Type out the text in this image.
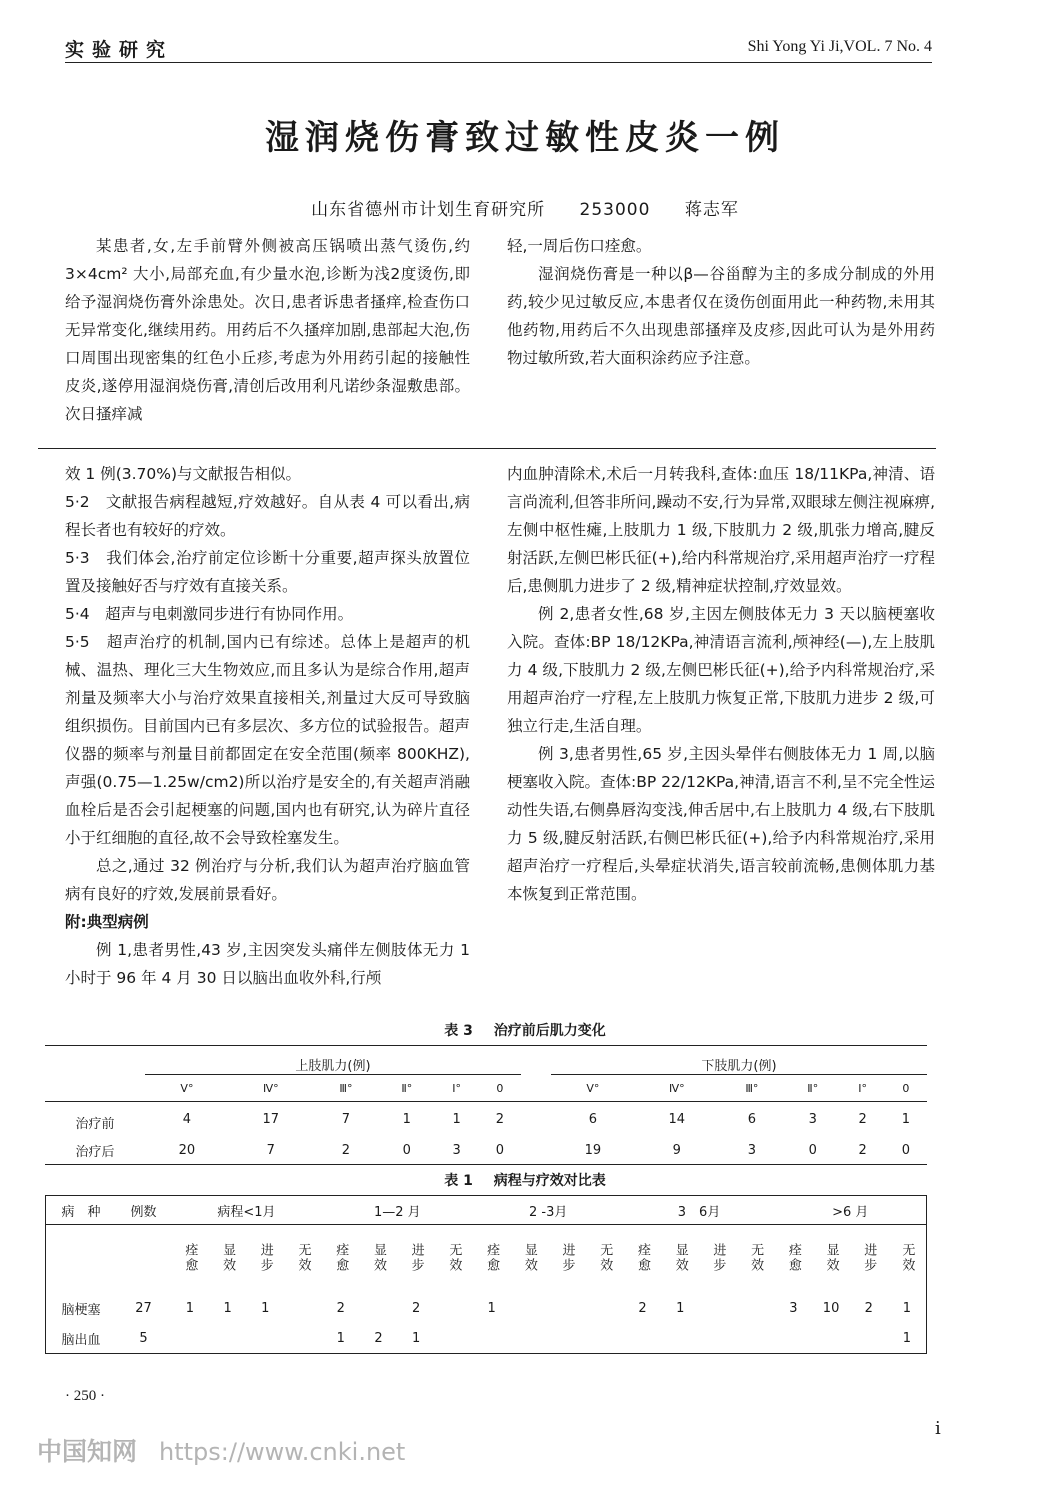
实验研究	Shi Yong Yi Ji,VOL. 7 No. 4
湿润烧伤膏致过敏性皮炎一例
山东省德州市计划生育研究所 253000 蒋志军

某患者,女,左手前臂外侧被高压锅喷出蒸气烫伤,约 3×4cm² 大小,局部充血,有少量水泡,诊断为浅2度烫伤,即给予湿润烧伤膏外涂患处。次日,患者诉患者搔痒,检查伤口无异常变化,继续用药。用药后不久搔痒加剧,患部起大泡,伤口周围出现密集的红色小丘疹,考虑为外用药引起的接触性皮炎,遂停用湿润烧伤膏,清创后改用利凡诺纱条湿敷患部。次日搔痒减

轻,一周后伤口痊愈。

湿润烧伤膏是一种以β—谷甾醇为主的多成分制成的外用药,较少见过敏反应,本患者仅在烫伤创面用此一种药物,未用其他药物,用药后不久出现患部搔痒及皮疹,因此可认为是外用药物过敏所致,若大面积涂药应予注意。

效 1 例(3.70%)与文献报告相似。

5·2　文献报告病程越短,疗效越好。自从表 4 可以看出,病程长者也有较好的疗效。

5·3　我们体会,治疗前定位诊断十分重要,超声探头放置位置及接触好否与疗效有直接关系。

5·4　超声与电刺激同步进行有协同作用。

5·5　超声治疗的机制,国内已有综述。总体上是超声的机械、温热、理化三大生物效应,而且多认为是综合作用,超声剂量及频率大小与治疗效果直接相关,剂量过大反可导致脑组织损伤。目前国内已有多层次、多方位的试验报告。超声仪器的频率与剂量目前都固定在安全范围(频率 800KHZ),声强(0.75—1.25w/cm2)所以治疗是安全的,有关超声消融血栓后是否会引起梗塞的问题,国内也有研究,认为碎片直径小于红细胞的直径,故不会导致栓塞发生。

总之,通过 32 例治疗与分析,我们认为超声治疗脑血管病有良好的疗效,发展前景看好。

附:典型病例

例 1,患者男性,43 岁,主因突发头痛伴左侧肢体无力 1 小时于 96 年 4 月 30 日以脑出血收外科,行颅

内血肿清除术,术后一月转我科,查体:血压 18/11KPa,神清、语言尚流利,但答非所问,躁动不安,行为异常,双眼球左侧注视麻痹,左侧中枢性瘫,上肢肌力 1 级,下肢肌力 2 级,肌张力增高,腱反射活跃,左侧巴彬氏征(+),给内科常规治疗,采用超声治疗一疗程后,患侧肌力进步了 2 级,精神症状控制,疗效显效。

例 2,患者女性,68 岁,主因左侧肢体无力 3 天以脑梗塞收入院。查体:BP 18/12KPa,神清语言流利,颅神经(—),左上肢肌力 4 级,下肢肌力 2 级,左侧巴彬氏征(+),给予内科常规治疗,采用超声治疗一疗程,左上肢肌力恢复正常,下肢肌力进步 2 级,可独立行走,生活自理。

例 3,患者男性,65 岁,主因头晕伴右侧肢体无力 1 周,以脑梗塞收入院。查体:BP 22/12KPa,神清,语言不利,呈不完全性运动性失语,右侧鼻唇沟变浅,伸舌居中,右上肢肌力 4 级,右下肢肌力 5 级,腱反射活跃,右侧巴彬氏征(+),给予内科常规治疗,采用超声治疗一疗程后,头晕症状消失,语言较前流畅,患侧体肌力基本恢复到正常范围。

表 3 治疗前后肌力变化
	上肢肌力(例)							下肢肌力(例)					
	Ⅴ°	Ⅳ°	Ⅲ°	Ⅱ°	Ⅰ°	0		Ⅴ°	Ⅳ°	Ⅲ°	Ⅱ°	Ⅰ°	0
治疗前	4	17	7	1	1	2		6	14	6	3	2	1
治疗后	20	7	2	0	3	0		19	9	3	0	2	0
表 1 病程与疗效对比表
病　种	例数	病程<1月				1—2 月				2 -3月				3　6月				>6 月			
		痊愈	显效	进步	无效	痊愈	显效	进步	无效	痊愈	显效	进步	无效	痊愈	显效	进步	无效	痊愈	显效	进步	无效
脑梗塞	27	1	1	1		2		2		1				2	1			3	10	2	1
脑出血	5					1	2	1													1
· 250 ·
i
中国知网 https://www.cnki.net
